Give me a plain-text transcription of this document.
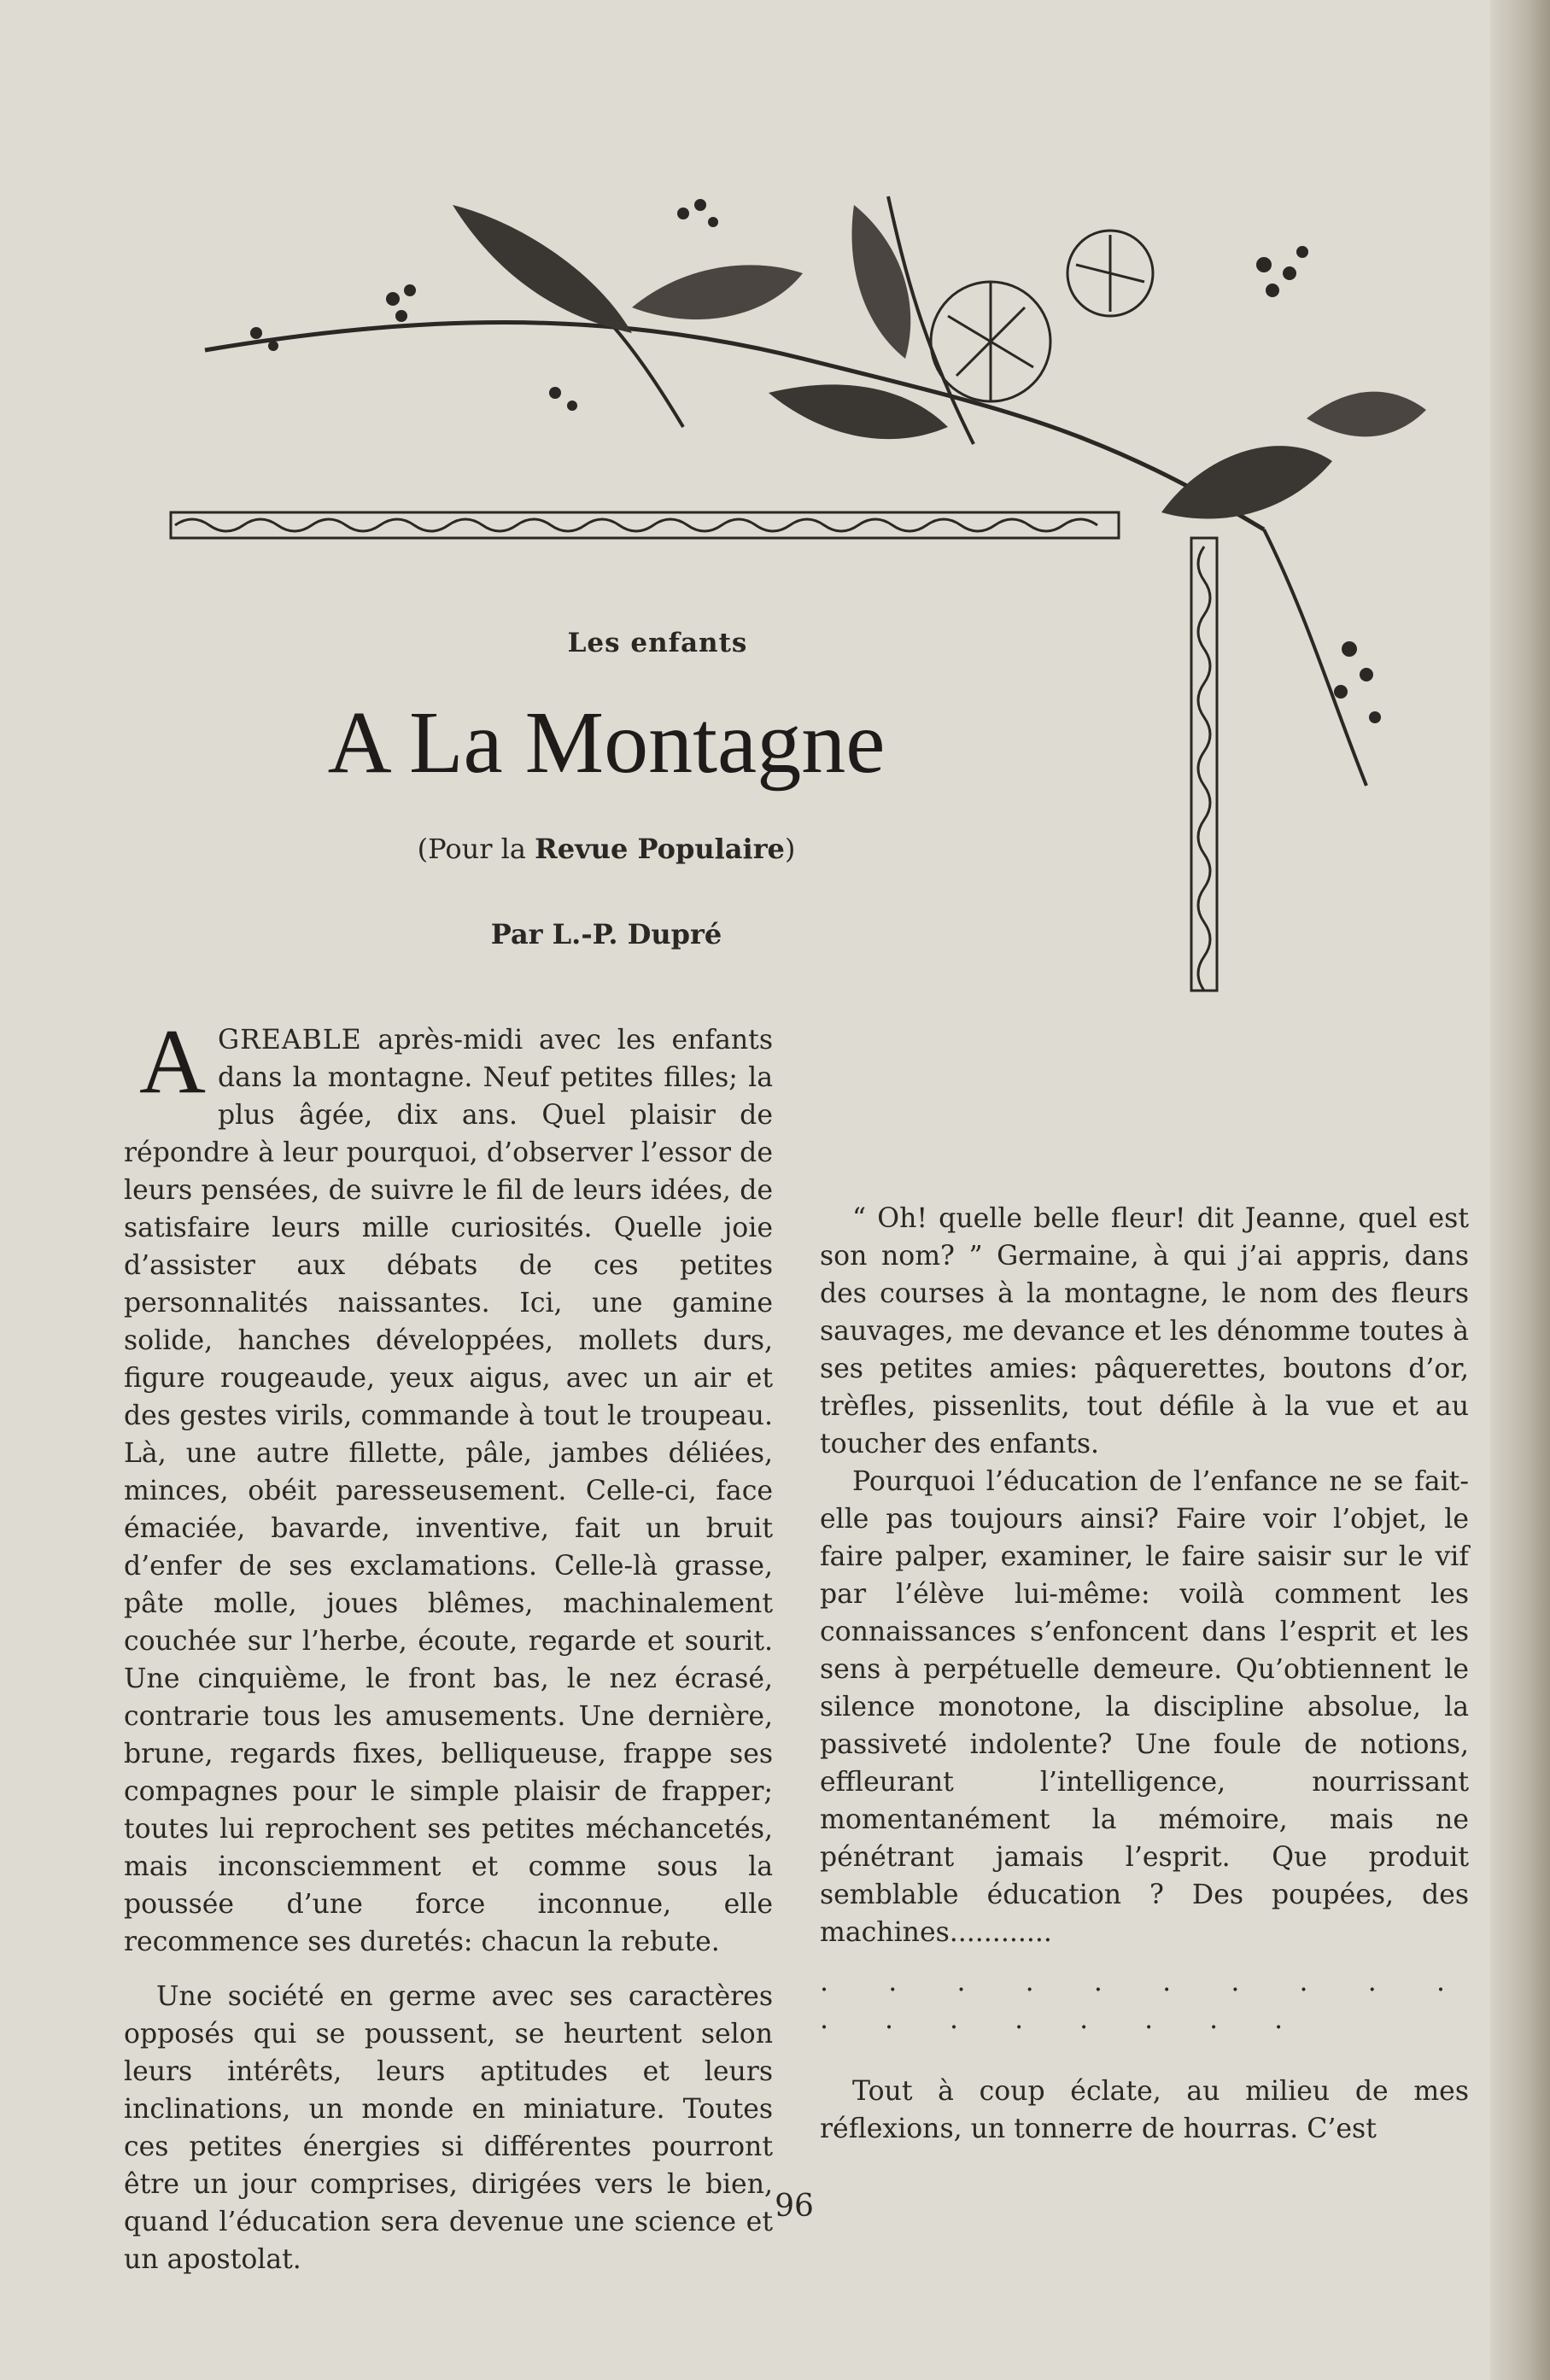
Les enfants
A La Montagne
(Pour la Revue Populaire)
Par L.-P. Dupré

AGREABLE après-midi avec les enfants dans la montagne. Neuf petites filles; la plus âgée, dix ans. Quel plaisir de répondre à leur pourquoi, d’observer l’essor de leurs pensées, de suivre le fil de leurs idées, de satisfaire leurs mille curiosités. Quelle joie d’assister aux débats de ces petites personnalités naissantes. Ici, une gamine solide, hanches développées, mollets durs, figure rougeaude, yeux aigus, avec un air et des gestes virils, commande à tout le troupeau. Là, une autre fillette, pâle, jambes déliées, minces, obéit paresseusement. Celle-ci, face émaciée, bavarde, inventive, fait un bruit d’enfer de ses exclamations. Celle-là grasse, pâte molle, joues blêmes, machinalement couchée sur l’herbe, écoute, regarde et sourit. Une cinquième, le front bas, le nez écrasé, contrarie tous les amusements. Une dernière, brune, regards fixes, belliqueuse, frappe ses compagnes pour le simple plaisir de frapper; toutes lui reprochent ses petites méchancetés, mais inconsciemment et comme sous la poussée d’une force inconnue, elle recommence ses duretés: chacun la rebute.

Une société en germe avec ses caractères opposés qui se poussent, se heurtent selon leurs intérêts, leurs aptitudes et leurs inclinations, un monde en miniature. Toutes ces petites énergies si différentes pourront être un jour comprises, dirigées vers le bien, quand l’éducation sera devenue une science et un apostolat.

“ Oh! quelle belle fleur! dit Jeanne, quel est son nom? ” Germaine, à qui j’ai appris, dans des courses à la montagne, le nom des fleurs sauvages, me devance et les dénomme toutes à ses petites amies: pâquerettes, boutons d’or, trèfles, pissenlits, tout défile à la vue et au toucher des enfants.

Pourquoi l’éducation de l’enfance ne se fait-elle pas toujours ainsi? Faire voir l’objet, le faire palper, examiner, le faire saisir sur le vif par l’élève lui-même: voilà comment les connaissances s’enfoncent dans l’esprit et les sens à perpétuelle demeure. Qu’obtiennent le silence monotone, la discipline absolue, la passiveté indolente? Une foule de notions, effleurant l’intelligence, nourrissant momentanément la mémoire, mais ne pénétrant jamais l’esprit. Que produit semblable éducation ? Des poupées, des machines............

. . . . . . . . . . . . . . . . . .

Tout à coup éclate, au milieu de mes réflexions, un tonnerre de hourras. C’est

96
